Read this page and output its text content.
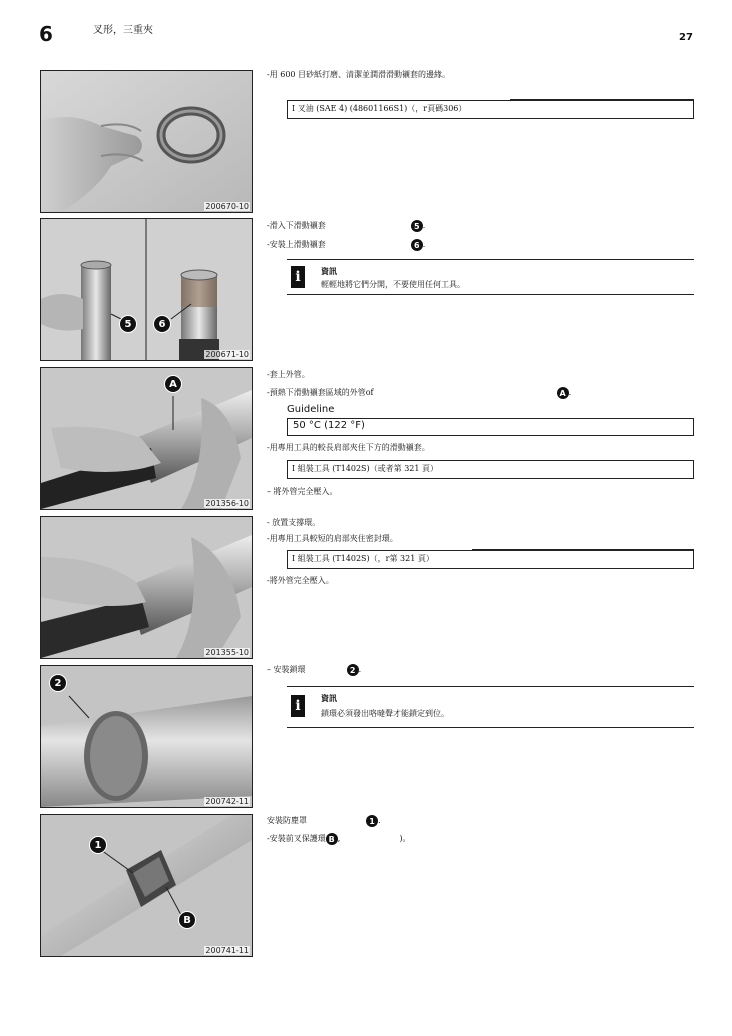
6	叉形，三重夾
27
200670-10
5	6
200671-10
A
201356-10
201355-10
2
200742-11
1
B
200741-11
-用 600 目砂紙打磨、清潔並潤滑滑動襯套的邊緣。
I 叉油 (SAE 4) (48601166S1)（，r頁碼306）
-滑入下滑動襯套	5 .
-安裝上滑動襯套	6 .
i	資訊
輕輕地將它們分開，不要使用任何工具。
-套上外管。
-預熱下滑動襯套區域的外管of	A .
Guideline
50 °C (122 °F)
-用專用工具的較長肩部夾住下方的滑動襯套。
I 組裝工具 (T1402S)（或者第 321 頁）
– 將外管完全壓入。
- 放置支撐環。
-用專用工具較短的肩部夾住密封環。
I 組裝工具 (T1402S)（，r第 321 頁）
-將外管完全壓入。
– 安裝鎖環	2 .
i	資訊
鎖環必須發出咯噠聲才能鎖定到位。
安裝防塵罩	1 .
-安裝前叉保護環 B ,	)。
